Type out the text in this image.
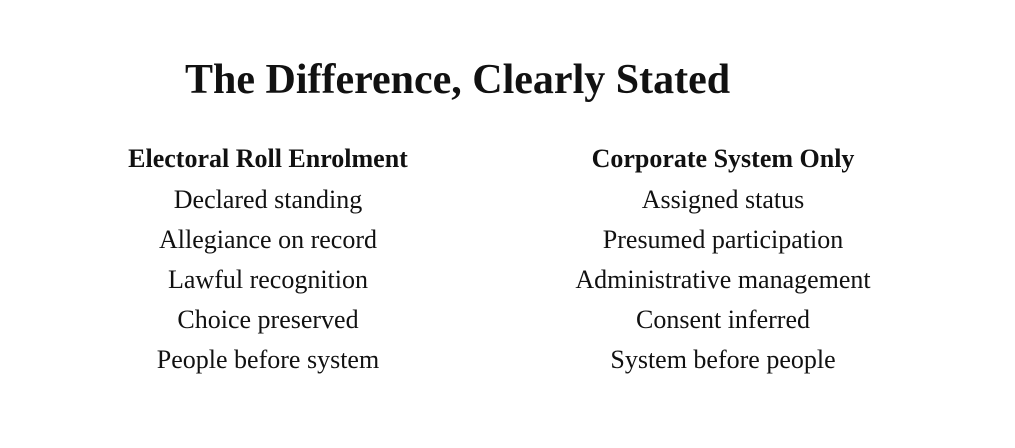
The Difference, Clearly Stated
Electoral Roll Enrolment
Declared standing
Allegiance on record
Lawful recognition
Choice preserved
People before system
Corporate System Only
Assigned status
Presumed participation
Administrative management
Consent inferred
System before people
